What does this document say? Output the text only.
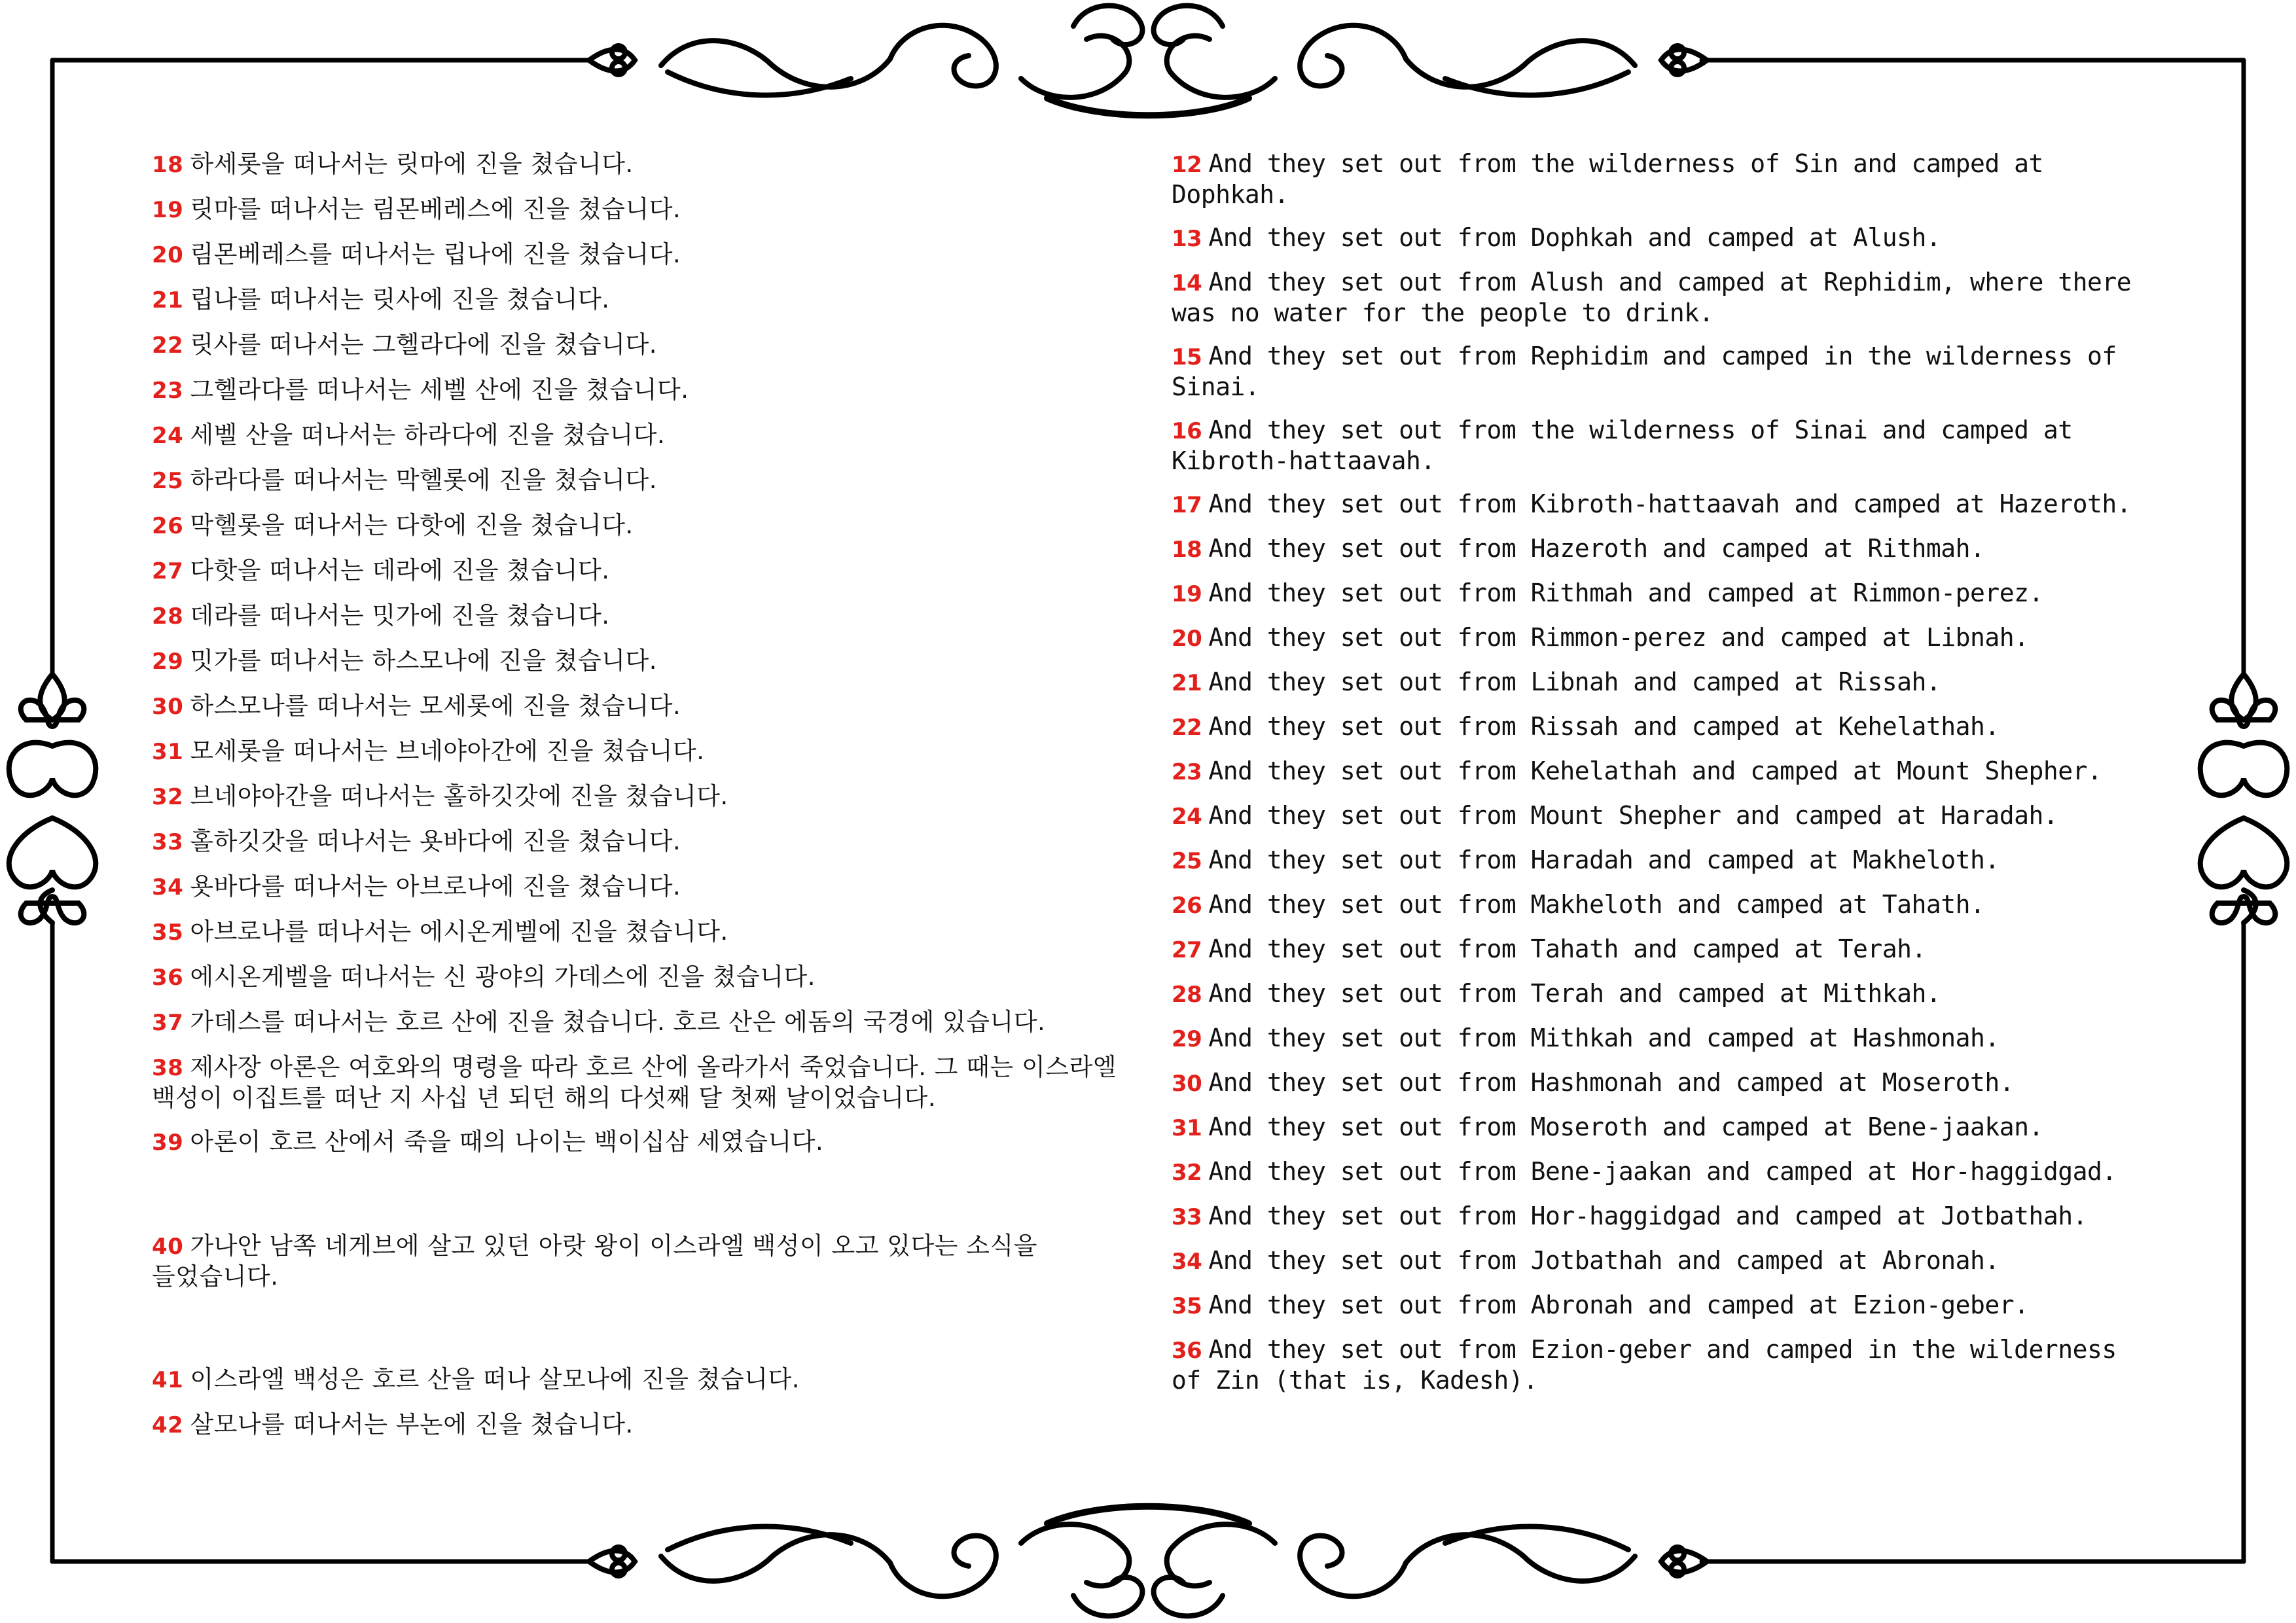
18 하세롯을 떠나서는 릿마에 진을 쳤습니다.

19 릿마를 떠나서는 림몬베레스에 진을 쳤습니다.

20 림몬베레스를 떠나서는 립나에 진을 쳤습니다.

21 립나를 떠나서는 릿사에 진을 쳤습니다.

22 릿사를 떠나서는 그헬라다에 진을 쳤습니다.

23 그헬라다를 떠나서는 세벨 산에 진을 쳤습니다.

24 세벨 산을 떠나서는 하라다에 진을 쳤습니다.

25 하라다를 떠나서는 막헬롯에 진을 쳤습니다.

26 막헬롯을 떠나서는 다핫에 진을 쳤습니다.

27 다핫을 떠나서는 데라에 진을 쳤습니다.

28 데라를 떠나서는 밋가에 진을 쳤습니다.

29 밋가를 떠나서는 하스모나에 진을 쳤습니다.

30 하스모나를 떠나서는 모세롯에 진을 쳤습니다.

31 모세롯을 떠나서는 브네야아간에 진을 쳤습니다.

32 브네야아간을 떠나서는 홀하깃갓에 진을 쳤습니다.

33 홀하깃갓을 떠나서는 욧바다에 진을 쳤습니다.

34 욧바다를 떠나서는 아브로나에 진을 쳤습니다.

35 아브로나를 떠나서는 에시온게벨에 진을 쳤습니다.

36 에시온게벨을 떠나서는 신 광야의 가데스에 진을 쳤습니다.

37 가데스를 떠나서는 호르 산에 진을 쳤습니다. 호르 산은 에돔의 국경에 있습니다.

38 제사장 아론은 여호와의 명령을 따라 호르 산에 올라가서 죽었습니다. 그 때는 이스라엘 백성이 이집트를 떠난 지 사십 년 되던 해의 다섯째 달 첫째 날이었습니다.

39 아론이 호르 산에서 죽을 때의 나이는 백이십삼 세였습니다.

40 가나안 남쪽 네게브에 살고 있던 아랏 왕이 이스라엘 백성이 오고 있다는 소식을 들었습니다.

41 이스라엘 백성은 호르 산을 떠나 살모나에 진을 쳤습니다.

42 살모나를 떠나서는 부논에 진을 쳤습니다.

12 And they set out from the wilderness of Sin and camped at Dophkah.

13 And they set out from Dophkah and camped at Alush.

14 And they set out from Alush and camped at Rephidim, where there was no water for the people to drink.

15 And they set out from Rephidim and camped in the wilderness of Sinai.

16 And they set out from the wilderness of Sinai and camped at Kibroth-hattaavah.

17 And they set out from Kibroth-hattaavah and camped at Hazeroth.

18 And they set out from Hazeroth and camped at Rithmah.

19 And they set out from Rithmah and camped at Rimmon-perez.

20 And they set out from Rimmon-perez and camped at Libnah.

21 And they set out from Libnah and camped at Rissah.

22 And they set out from Rissah and camped at Kehelathah.

23 And they set out from Kehelathah and camped at Mount Shepher.

24 And they set out from Mount Shepher and camped at Haradah.

25 And they set out from Haradah and camped at Makheloth.

26 And they set out from Makheloth and camped at Tahath.

27 And they set out from Tahath and camped at Terah.

28 And they set out from Terah and camped at Mithkah.

29 And they set out from Mithkah and camped at Hashmonah.

30 And they set out from Hashmonah and camped at Moseroth.

31 And they set out from Moseroth and camped at Bene-jaakan.

32 And they set out from Bene-jaakan and camped at Hor-haggidgad.

33 And they set out from Hor-haggidgad and camped at Jotbathah.

34 And they set out from Jotbathah and camped at Abronah.

35 And they set out from Abronah and camped at Ezion-geber.

36 And they set out from Ezion-geber and camped in the wilderness of Zin (that is, Kadesh).
